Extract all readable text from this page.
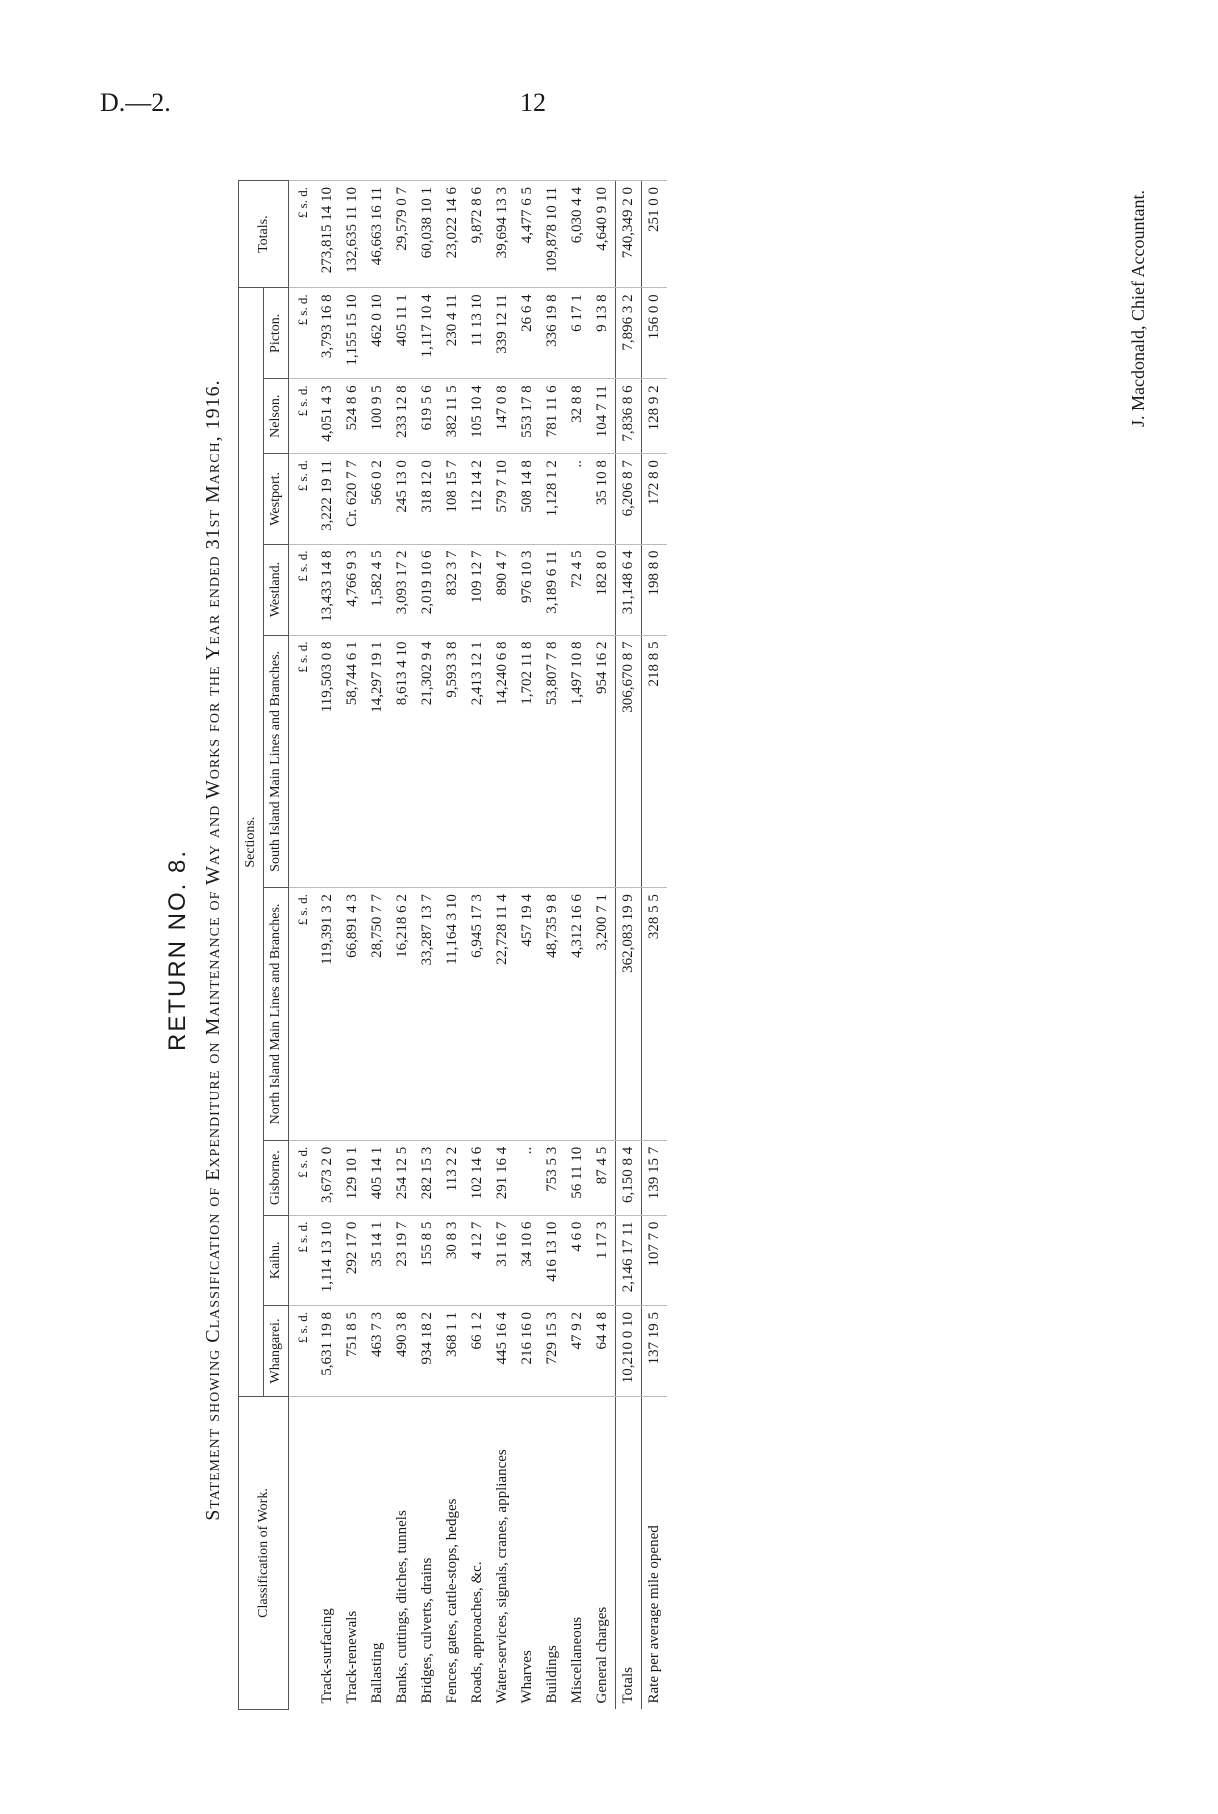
D.—2.	12
RETURN NO. 8. Statement showing Classification of Expenditure on Maintenance of Way and Works for the Year ended 31st March, 1916.
Classification of Work.	Sections.									Totals.
	Whangarei.	Kaihu.	Gisborne.	North Island Main Lines and Branches.	South Island Main Lines and Branches.	Westland.	Westport.	Nelson.	Picton.	
	£ s. d.	£ s. d.	£ s. d.	£ s. d.	£ s. d.	£ s. d.	£ s. d.	£ s. d.	£ s. d.	£ s. d.
Track-surfacing	5,631 19 8	1,114 13 10	3,673 2 0	119,391 3 2	119,503 0 8	13,433 14 8	3,222 19 11	4,051 4 3	3,793 16 8	273,815 14 10
Track-renewals	751 8 5	292 17 0	129 10 1	66,891 4 3	58,744 6 1	4,766 9 3	Cr. 620 7 7	524 8 6	1,155 15 10	132,635 11 10
Ballasting	463 7 3	35 14 1	405 14 1	28,750 7 7	14,297 19 1	1,582 4 5	566 0 2	100 9 5	462 0 10	46,663 16 11
Banks, cuttings, ditches, tunnels	490 3 8	23 19 7	254 12 5	16,218 6 2	8,613 4 10	3,093 17 2	245 13 0	233 12 8	405 11 1	29,579 0 7
Bridges, culverts, drains	934 18 2	155 8 5	282 15 3	33,287 13 7	21,302 9 4	2,019 10 6	318 12 0	619 5 6	1,117 10 4	60,038 10 1
Fences, gates, cattle-stops, hedges	368 1 1	30 8 3	113 2 2	11,164 3 10	9,593 3 8	832 3 7	108 15 7	382 11 5	230 4 11	23,022 14 6
Roads, approaches, &c.	66 1 2	4 12 7	102 14 6	6,945 17 3	2,413 12 1	109 12 7	112 14 2	105 10 4	11 13 10	9,872 8 6
Water-services, signals, cranes, appliances	445 16 4	31 16 7	291 16 4	22,728 11 4	14,240 6 8	890 4 7	579 7 10	147 0 8	339 12 11	39,694 13 3
Wharves	216 16 0	34 10 6	..	457 19 4	1,702 11 8	976 10 3	508 14 8	553 17 8	26 6 4	4,477 6 5
Buildings	729 15 3	416 13 10	753 5 3	48,735 9 8	53,807 7 8	3,189 6 11	1,128 1 2	781 11 6	336 19 8	109,878 10 11
Miscellaneous	47 9 2	4 6 0	56 11 10	4,312 16 6	1,497 10 8	72 4 5	..	32 8 8	6 17 1	6,030 4 4
General charges	64 4 8	1 17 3	87 4 5	3,200 7 1	954 16 2	182 8 0	35 10 8	104 7 11	9 13 8	4,640 9 10
Totals	10,210 0 10	2,146 17 11	6,150 8 4	362,083 19 9	306,670 8 7	31,148 6 4	6,206 8 7	7,836 8 6	7,896 3 2	740,349 2 0
Rate per average mile opened	137 19 5	107 7 0	139 15 7	328 5 5	218 8 5	198 8 0	172 8 0	128 9 2	156 0 0	251 0 0	J. Macdonald, Chief Accountant.
